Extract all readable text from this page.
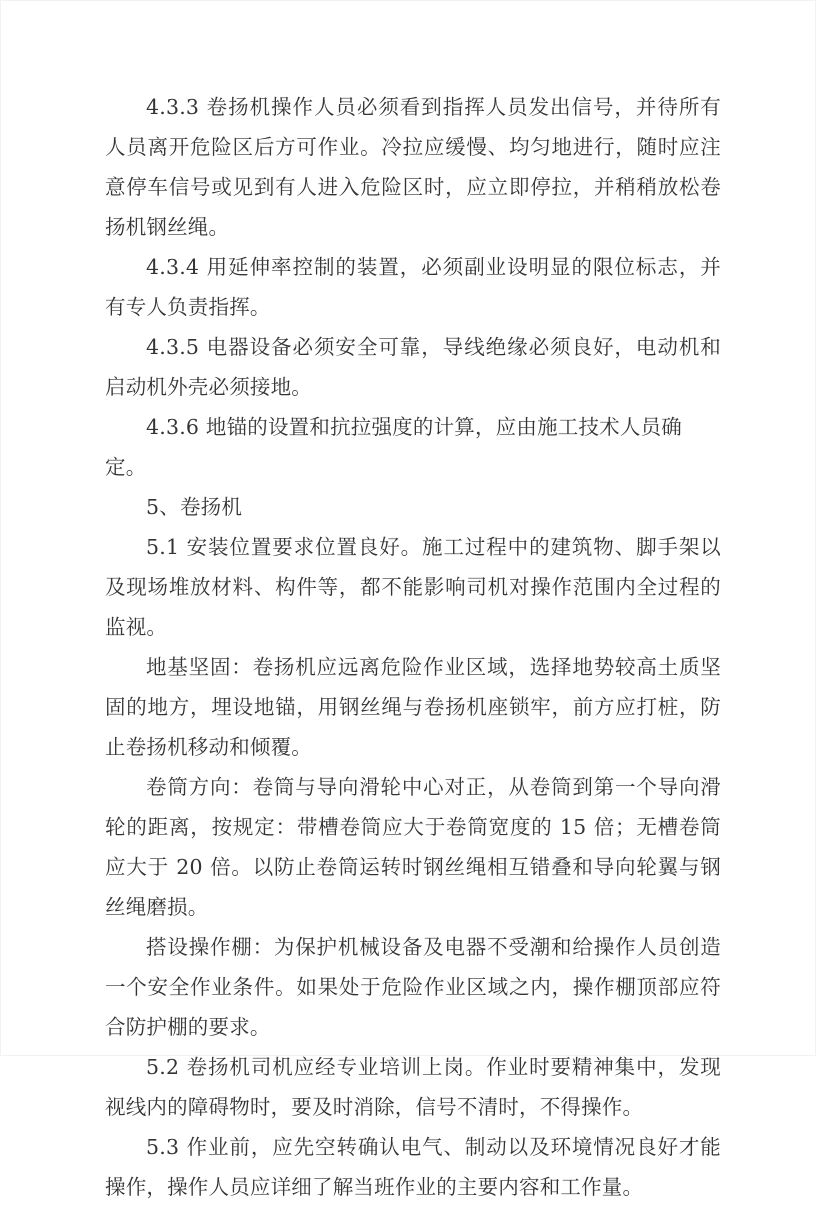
4.3.3 卷扬机操作人员必须看到指挥人员发出信号，并待所有人员离开危险区后方可作业。冷拉应缓慢、均匀地进行，随时应注意停车信号或见到有人进入危险区时，应立即停拉，并稍稍放松卷扬机钢丝绳。

4.3.4 用延伸率控制的装置，必须副业设明显的限位标志，并有专人负责指挥。

4.3.5 电器设备必须安全可靠，导线绝缘必须良好，电动机和启动机外壳必须接地。

4.3.6 地锚的设置和抗拉强度的计算，应由施工技术人员确定。

5、卷扬机

5.1 安装位置要求位置良好。施工过程中的建筑物、脚手架以及现场堆放材料、构件等，都不能影响司机对操作范围内全过程的监视。

地基坚固：卷扬机应远离危险作业区域，选择地势较高土质坚固的地方，埋设地锚，用钢丝绳与卷扬机座锁牢，前方应打桩，防止卷扬机移动和倾覆。

卷筒方向：卷筒与导向滑轮中心对正，从卷筒到第一个导向滑轮的距离，按规定：带槽卷筒应大于卷筒宽度的 15 倍；无槽卷筒应大于 20 倍。以防止卷筒运转时钢丝绳相互错叠和导向轮翼与钢丝绳磨损。

搭设操作棚：为保护机械设备及电器不受潮和给操作人员创造一个安全作业条件。如果处于危险作业区域之内，操作棚顶部应符合防护棚的要求。

5.2 卷扬机司机应经专业培训上岗。作业时要精神集中，发现视线内的障碍物时，要及时消除，信号不清时，不得操作。

5.3 作业前，应先空转确认电气、制动以及环境情况良好才能操作，操作人员应详细了解当班作业的主要内容和工作量。
